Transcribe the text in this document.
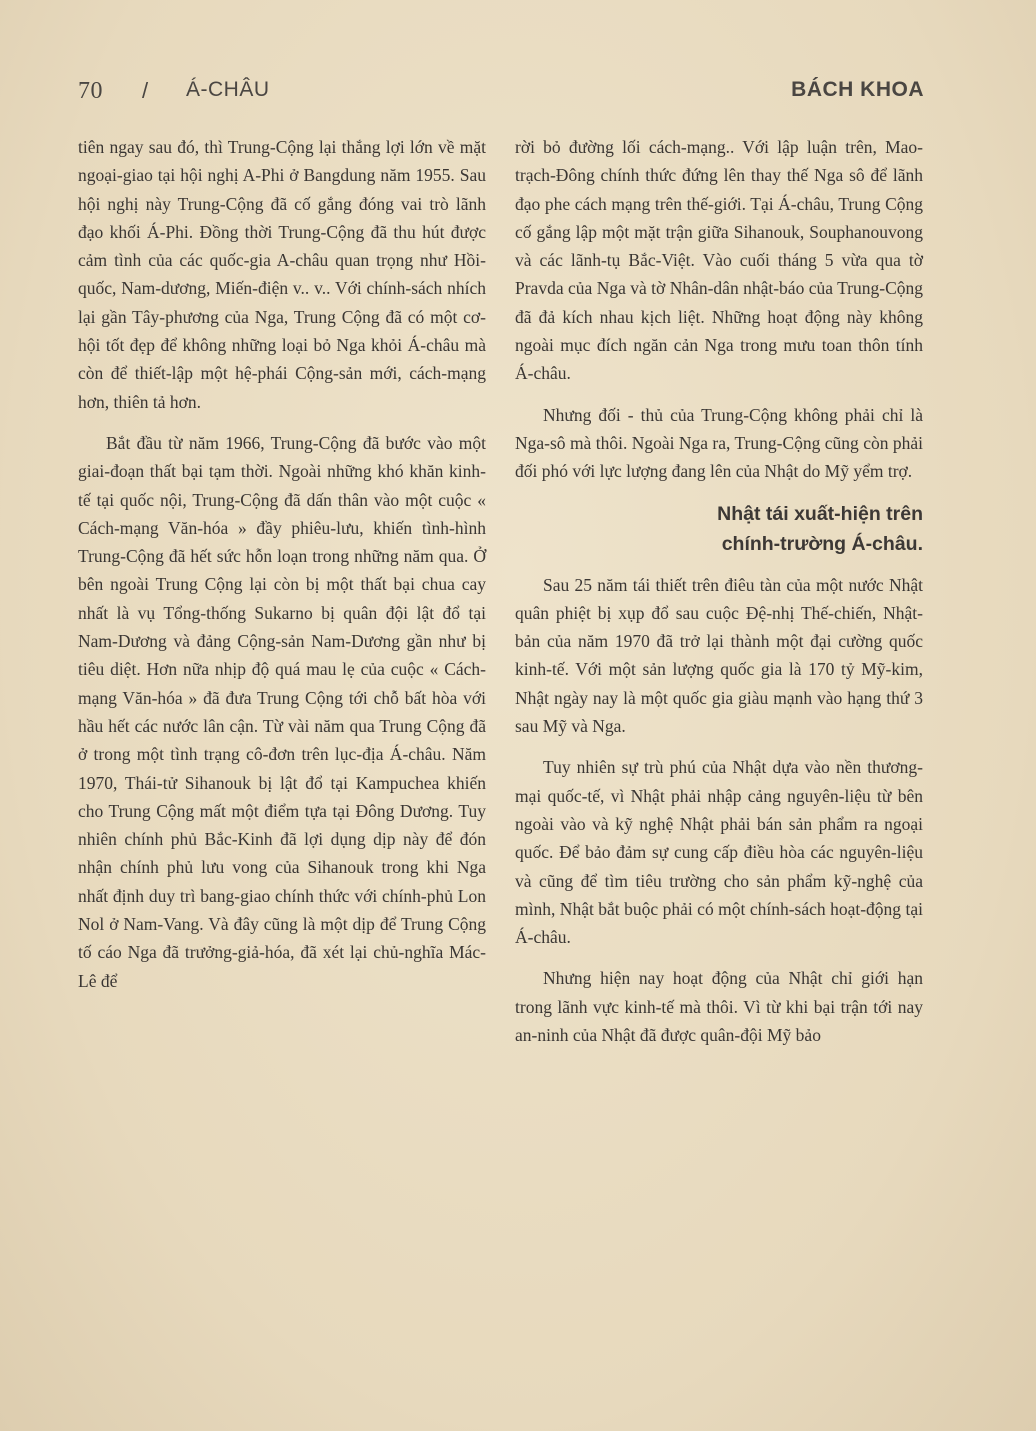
70 / Á-CHÂU	BÁCH KHOA

tiên ngay sau đó, thì Trung-Cộng lại thắng lợi lớn về mặt ngoại-giao tại hội nghị A-Phi ở Bangdung năm 1955. Sau hội nghị này Trung-Cộng đã cố gắng đóng vai trò lãnh đạo khối Á-Phi. Đồng thời Trung-Cộng đã thu hút được cảm tình của các quốc-gia A-châu quan trọng như Hồi-quốc, Nam-dương, Miến-điện v.. v.. Với chính-sách nhích lại gần Tây-phương của Nga, Trung Cộng đã có một cơ-hội tốt đẹp để không những loại bỏ Nga khỏi Á-châu mà còn để thiết-lập một hệ-phái Cộng-sản mới, cách-mạng hơn, thiên tả hơn.

Bắt đầu từ năm 1966, Trung-Cộng đã bước vào một giai-đoạn thất bại tạm thời. Ngoài những khó khăn kinh-tế tại quốc nội, Trung-Cộng đã dấn thân vào một cuộc « Cách-mạng Văn-hóa » đầy phiêu-lưu, khiến tình-hình Trung-Cộng đã hết sức hỗn loạn trong những năm qua. Ở bên ngoài Trung Cộng lại còn bị một thất bại chua cay nhất là vụ Tổng-thống Sukarno bị quân đội lật đổ tại Nam-Dương và đảng Cộng-sản Nam-Dương gần như bị tiêu diệt. Hơn nữa nhịp độ quá mau lẹ của cuộc « Cách-mạng Văn-hóa » đã đưa Trung Cộng tới chỗ bất hòa với hầu hết các nước lân cận. Từ vài năm qua Trung Cộng đã ở trong một tình trạng cô-đơn trên lục-địa Á-châu. Năm 1970, Thái-tử Sihanouk bị lật đổ tại Kampuchea khiến cho Trung Cộng mất một điểm tựa tại Đông Dương. Tuy nhiên chính phủ Bắc-Kinh đã lợi dụng dịp này để đón nhận chính phủ lưu vong của Sihanouk trong khi Nga nhất định duy trì bang-giao chính thức với chính-phủ Lon Nol ở Nam-Vang. Và đây cũng là một dịp để Trung Cộng tố cáo Nga đã trưởng-giả-hóa, đã xét lại chủ-nghĩa Mác-Lê để

rời bỏ đường lối cách-mạng.. Với lập luận trên, Mao-trạch-Đông chính thức đứng lên thay thế Nga sô để lãnh đạo phe cách mạng trên thế-giới. Tại Á-châu, Trung Cộng cố gắng lập một mặt trận giữa Sihanouk, Souphanouvong và các lãnh-tụ Bắc-Việt. Vào cuối tháng 5 vừa qua tờ Pravda của Nga và tờ Nhân-dân nhật-báo của Trung-Cộng đã đả kích nhau kịch liệt. Những hoạt động này không ngoài mục đích ngăn cản Nga trong mưu toan thôn tính Á-châu.

Nhưng đối - thủ của Trung-Cộng không phải chỉ là Nga-sô mà thôi. Ngoài Nga ra, Trung-Cộng cũng còn phải đối phó với lực lượng đang lên của Nhật do Mỹ yểm trợ.

Nhật tái xuất-hiện trên
chính-trường Á-châu.

Sau 25 năm tái thiết trên điêu tàn của một nước Nhật quân phiệt bị xụp đổ sau cuộc Đệ-nhị Thế-chiến, Nhật-bản của năm 1970 đã trở lại thành một đại cường quốc kinh-tế. Với một sản lượng quốc gia là 170 tỷ Mỹ-kim, Nhật ngày nay là một quốc gia giàu mạnh vào hạng thứ 3 sau Mỹ và Nga.

Tuy nhiên sự trù phú của Nhật dựa vào nền thương-mại quốc-tế, vì Nhật phải nhập cảng nguyên-liệu từ bên ngoài vào và kỹ nghệ Nhật phải bán sản phẩm ra ngoại quốc. Để bảo đảm sự cung cấp điều hòa các nguyên-liệu và cũng để tìm tiêu trường cho sản phẩm kỹ-nghệ của mình, Nhật bắt buộc phải có một chính-sách hoạt-động tại Á-châu.

Nhưng hiện nay hoạt động của Nhật chỉ giới hạn trong lãnh vực kinh-tế mà thôi. Vì từ khi bại trận tới nay an-ninh của Nhật đã được quân-đội Mỹ bảo
